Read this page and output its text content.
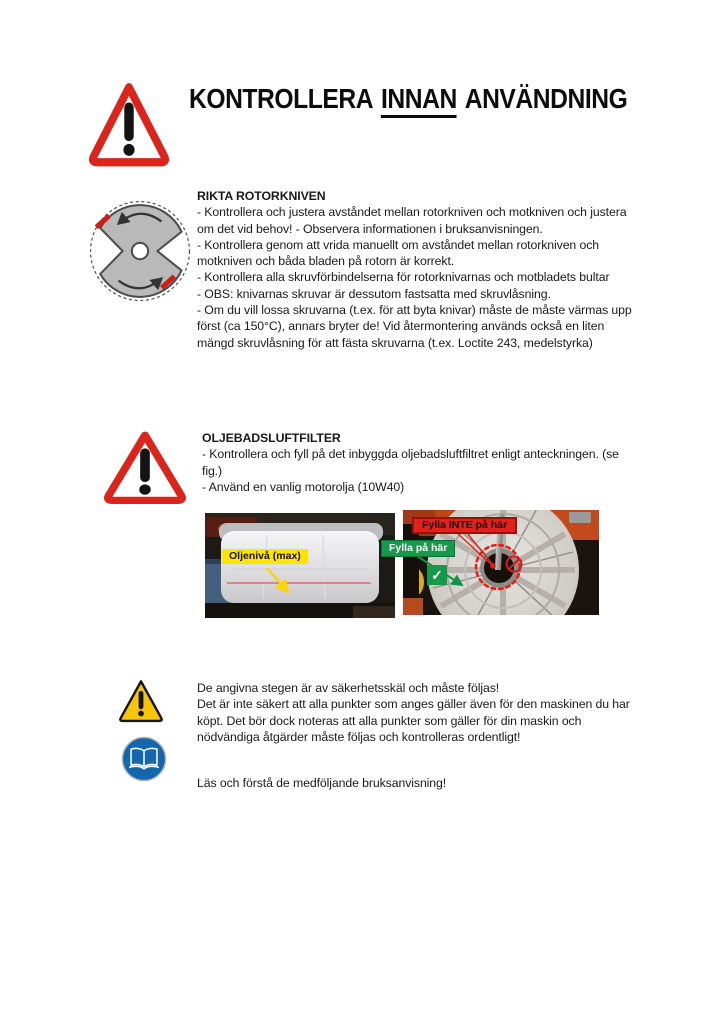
KONTROLLERA INNAN ANVÄNDNING
RIKTA ROTORKNIVEN
- Kontrollera och justera avståndet mellan rotorkniven och motkniven och justera
om det vid behov! - Observera informationen i bruksanvisningen.
- Kontrollera genom att vrida manuellt om avståndet mellan rotorkniven och
motkniven och båda bladen på rotorn är korrekt.
- Kontrollera alla skruvförbindelserna för rotorknivarnas och motbladets bultar
- OBS: knivarnas skruvar är dessutom fastsatta med skruvlåsning.
- Om du vill lossa skruvarna (t.ex. för att byta knivar) måste de måste värmas upp
först (ca 150°C), annars bryter de! Vid återmontering används också en liten
mängd skruvlåsning för att fästa skruvarna (t.ex. Loctite 243, medelstyrka)
OLJEBADSLUFTFILTER
- Kontrollera och fyll på det inbyggda oljebadsluftfiltret enligt anteckningen. (se
fig.)
- Använd en vanlig motorolja (10W40)
Oljenivå (max)
Fylla INTE på här
Fylla på här
✓
De angivna stegen är av säkerhetsskäl och måste följas!
Det är inte säkert att alla punkter som anges gäller även för den maskinen du har
köpt. Det bör dock noteras att alla punkter som gäller för din maskin och
nödvändiga åtgärder måste följas och kontrolleras ordentligt!
Läs och förstå de medföljande bruksanvisning!
